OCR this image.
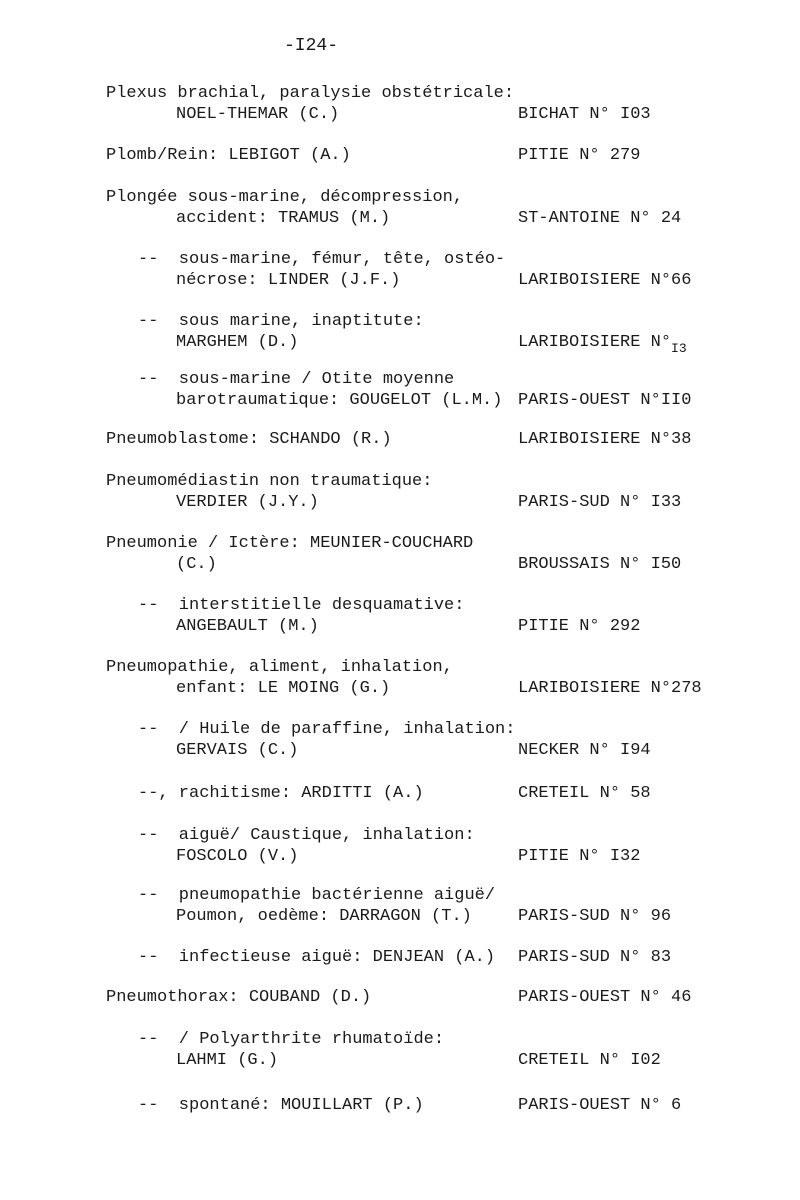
-I24-
Plexus brachial, paralysie obstétricale:
NOEL-THEMAR (C.)	BICHAT N° I03
Plomb/Rein: LEBIGOT (A.)	PITIE N° 279
Plongée sous-marine, décompression,
accident: TRAMUS (M.)	ST-ANTOINE N° 24
--  sous-marine, fémur, tête, ostéo-
nécrose: LINDER (J.F.)	LARIBOISIERE N°66
--  sous marine, inaptitute:
MARGHEM (D.)	LARIBOISIERE $N^\circ_{I3}$
--  sous-marine / Otite moyenne
barotraumatique: GOUGELOT (L.M.) PARIS-OUEST N°II0
Pneumoblastome: SCHANDO (R.)	LARIBOISIERE N°38
Pneumomédiastin non traumatique:
VERDIER (J.Y.)	PARIS-SUD N° I33
Pneumonie / Ictère: MEUNIER-COUCHARD
(C.)	BROUSSAIS N° I50
--  interstitielle desquamative:
ANGEBAULT (M.)	PITIE N° 292
Pneumopathie, aliment, inhalation,
enfant: LE MOING (G.)	LARIBOISIERE N°278
--  / Huile de paraffine, inhalation:
GERVAIS (C.)	NECKER N° I94
--, rachitisme: ARDITTI (A.)	CRETEIL N° 58
--  aiguë/ Caustique, inhalation:
FOSCOLO (V.)	PITIE N° I32
--  pneumopathie bactérienne aiguë/
Poumon, oedème: DARRAGON (T.)	PARIS-SUD N° 96
--  infectieuse aiguë: DENJEAN (A.) PARIS-SUD N° 83
Pneumothorax: COUBAND (D.)	PARIS-OUEST N° 46
--  / Polyarthrite rhumatoïde:
LAHMI (G.)	CRETEIL N° I02
--  spontané: MOUILLART (P.)	PARIS-OUEST N° 6
